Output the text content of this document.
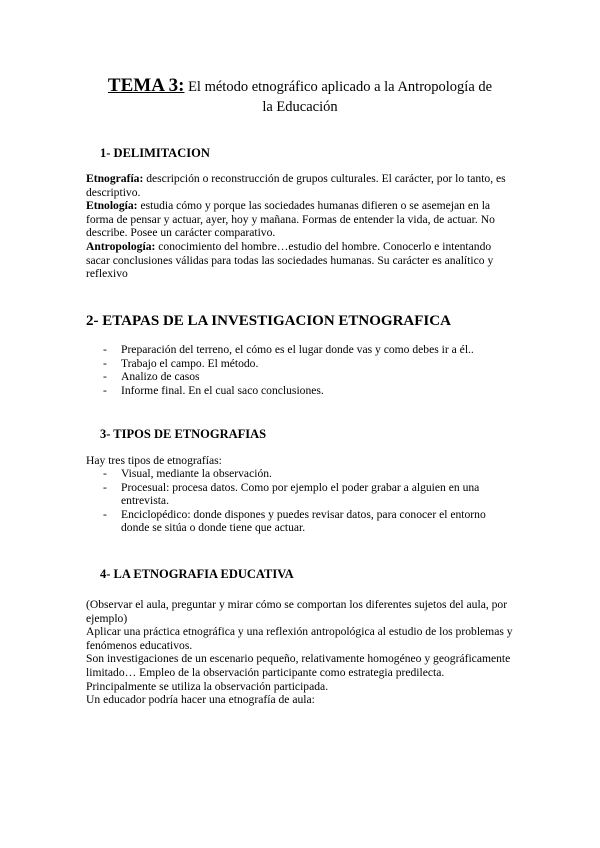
TEMA 3: El método etnográfico aplicado a la Antropología de
la Educación
1- DELIMITACION

Etnografía: descripción o reconstrucción de grupos culturales. El carácter, por lo tanto, es descriptivo.

Etnología: estudia cómo y porque las sociedades humanas difieren o se asemejan en la forma de pensar y actuar, ayer, hoy y mañana. Formas de entender la vida, de actuar. No describe. Posee un carácter comparativo.

Antropología: conocimiento del hombre…estudio del hombre. Conocerlo e intentando sacar conclusiones válidas para todas las sociedades humanas. Su carácter es analítico y reflexivo

2- ETAPAS DE LA INVESTIGACION ETNOGRAFICA
- Preparación del terreno, el cómo es el lugar donde vas y como debes ir a él..
- Trabajo el campo. El método.
- Analizo de casos
- Informe final. En el cual saco conclusiones.
3- TIPOS DE ETNOGRAFIAS
Hay tres tipos de etnografías:
- Visual, mediante la observación.
- Procesual: procesa datos. Como por ejemplo el poder grabar a alguien en una entrevista.
- Enciclopédico: donde dispones y puedes revisar datos, para conocer el entorno donde se sitúa o donde tiene que actuar.
4- LA ETNOGRAFIA EDUCATIVA

(Observar el aula, preguntar y mirar cómo se comportan los diferentes sujetos del aula, por ejemplo)

Aplicar una práctica etnográfica y una reflexión antropológica al estudio de los problemas y fenómenos educativos.

Son investigaciones de un escenario pequeño, relativamente homogéneo y geográficamente limitado… Empleo de la observación participante como estrategia predilecta.

Principalmente se utiliza la observación participada.

Un educador podría hacer una etnografía de aula:
